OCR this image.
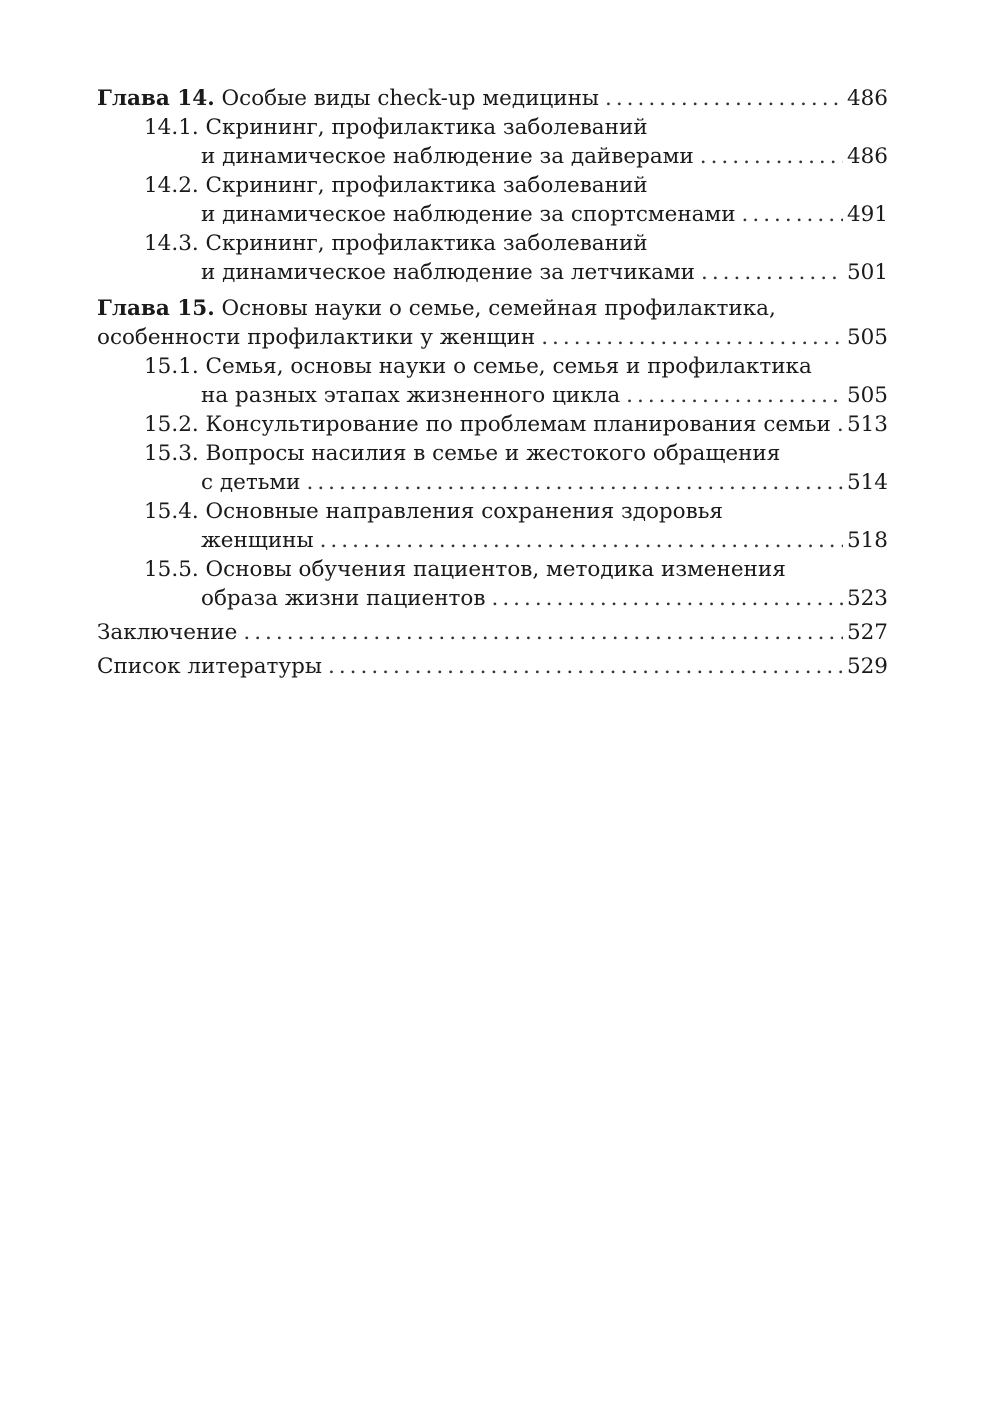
Глава 14. Особые виды check-up медицины .....	486
14.1. Скрининг, профилактика заболеваний
и динамическое наблюдение за дайверами .....	486
14.2. Скрининг, профилактика заболеваний
и динамическое наблюдение за спортсменами .....	491
14.3. Скрининг, профилактика заболеваний
и динамическое наблюдение за летчиками .....	501
Глава 15. Основы науки о семье, семейная профилактика,
особенности профилактики у женщин .....	505
15.1. Семья, основы науки о семье, семья и профилактика
на разных этапах жизненного цикла .....	505
15.2. Консультирование по проблемам планирования семьи ..... 513
15.3. Вопросы насилия в семье и жестокого обращения
с детьми .....	514
15.4. Основные направления сохранения здоровья
женщины .....	518
15.5. Основы обучения пациентов, методика изменения
образа жизни пациентов .....	523
Заключение .....	527
Список литературы .....	529
